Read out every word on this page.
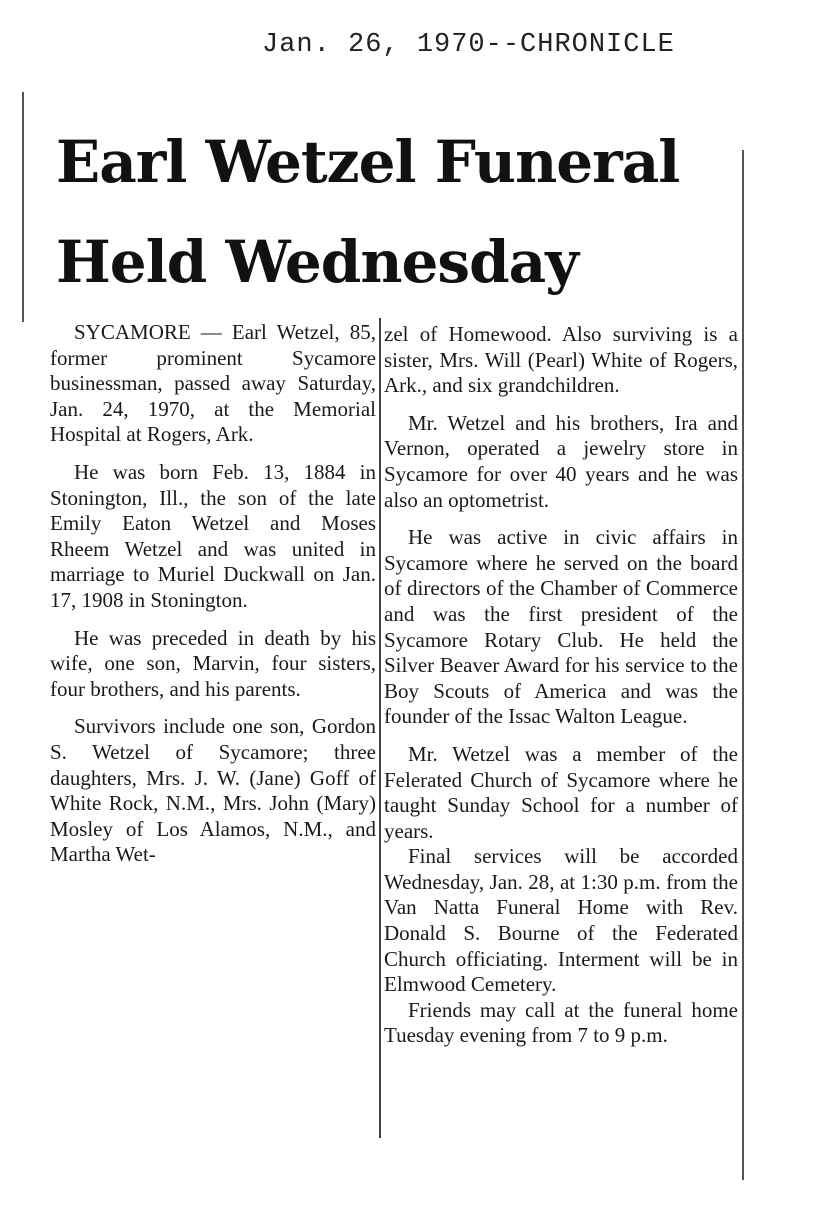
Jan. 26, 1970--CHRONICLE
Earl Wetzel Funeral
Held Wednesday

SYCAMORE — Earl Wetzel, 85, former prominent Sycamore businessman, passed away Saturday, Jan. 24, 1970, at the Memorial Hospital at Rogers, Ark.

He was born Feb. 13, 1884 in Stonington, Ill., the son of the late Emily Eaton Wetzel and Moses Rheem Wetzel and was united in marriage to Muriel Duckwall on Jan. 17, 1908 in Stonington.

He was preceded in death by his wife, one son, Marvin, four sisters, four brothers, and his parents.

Survivors include one son, Gordon S. Wetzel of Sycamore; three daughters, Mrs. J. W. (Jane) Goff of White Rock, N.M., Mrs. John (Mary) Mosley of Los Alamos, N.M., and Martha Wet-

zel of Homewood. Also surviving is a sister, Mrs. Will (Pearl) White of Rogers, Ark., and six grandchildren.

Mr. Wetzel and his brothers, Ira and Vernon, operated a jewelry store in Sycamore for over 40 years and he was also an optometrist.

He was active in civic affairs in Sycamore where he served on the board of directors of the Chamber of Commerce and was the first president of the Sycamore Rotary Club. He held the Silver Beaver Award for his service to the Boy Scouts of America and was the founder of the Issac Walton League.

Mr. Wetzel was a member of the Felerated Church of Sycamore where he taught Sunday School for a number of years.

Final services will be accorded Wednesday, Jan. 28, at 1:30 p.m. from the Van Natta Funeral Home with Rev. Donald S. Bourne of the Federated Church officiating. Interment will be in Elmwood Cemetery.

Friends may call at the funeral home Tuesday evening from 7 to 9 p.m.
